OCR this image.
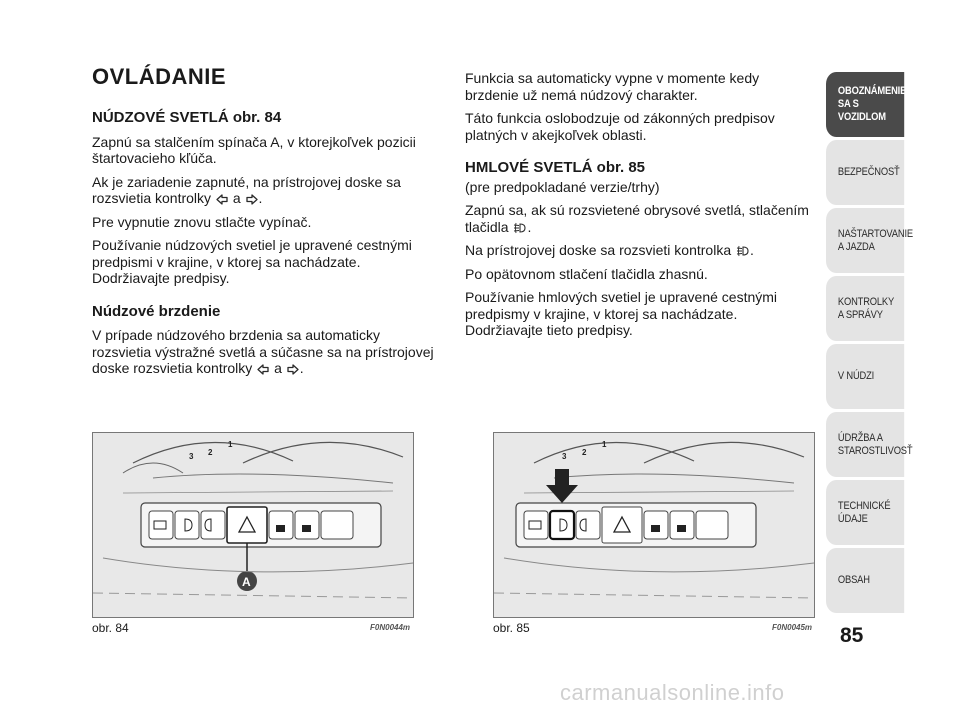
OVLÁDANIE
NÚDZOVÉ SVETLÁ obr. 84

Zapnú sa stalčením spínača A, v ktorejkoľvek pozicii štartovacieho kľúča.

Ak je zariadenie zapnuté, na prístrojovej doske sa rozsvietia kontrolky a .

Pre vypnutie znovu stlačte vypínač.

Používanie núdzových svetiel je upravené cestnými predpismi v krajine, v ktorej sa nachádzate. Dodržiavajte predpisy.

Núdzové brzdenie

V prípade núdzového brzdenia sa automaticky rozsvietia výstražné svetlá a súčasne sa na prístrojovej doske rozsvietia kontrolky a .

Funkcia sa automaticky vypne v momente kedy brzdenie už nemá núdzový charakter.

Táto funkcia oslobodzuje od zákonných predpisov platných v akejkoľvek oblasti.

HMLOVÉ SVETLÁ obr. 85
(pre predpokladané verzie/trhy)

Zapnú sa, ak sú rozsvietené obrysové svetlá, stlačením tlačidla .

Na prístrojovej doske sa rozsvieti kontrolka .

Po opätovnom stlačení tlačidla zhasnú.

Používanie hmlových svetiel je upravené cestnými predpismy v krajine, v ktorej sa nachádzate. Dodržiavajte tieto predpisy.

3 2
1
A
obr. 84	F0N0044m
3 2
1
obr. 85	F0N0045m
OBOZNÁMENIE
SA S VOZIDLOM
BEZPEČNOSŤ
NAŠTARTOVANIE
A JAZDA
KONTROLKY
A SPRÁVY
V NÚDZI
ÚDRŽBA A
STAROSTLIVOSŤ
TECHNICKÉ
ÚDAJE
OBSAH
85
carmanualsonline.info
